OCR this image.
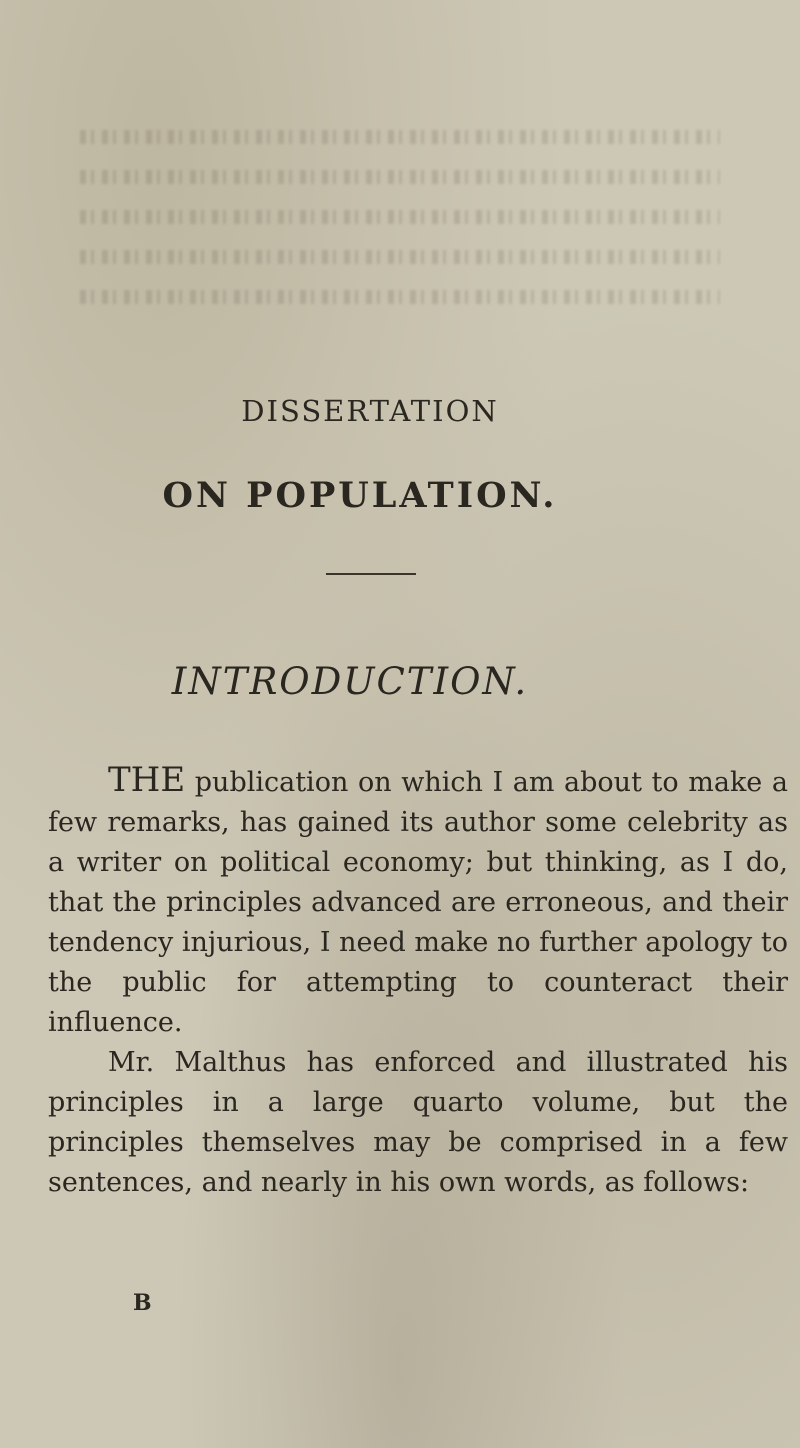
DISSERTATION
ON POPULATION.
INTRODUCTION.

THE publication on which I am about to make a few remarks, has gained its author some celebrity as a writer on political economy; but thinking, as I do, that the principles advanced are erroneous, and their tendency injurious, I need make no further apology to the public for attempting to counteract their influence.

Mr. Malthus has enforced and illustrated his principles in a large quarto volume, but the principles themselves may be comprised in a few sentences, and nearly in his own words, as follows:

B
